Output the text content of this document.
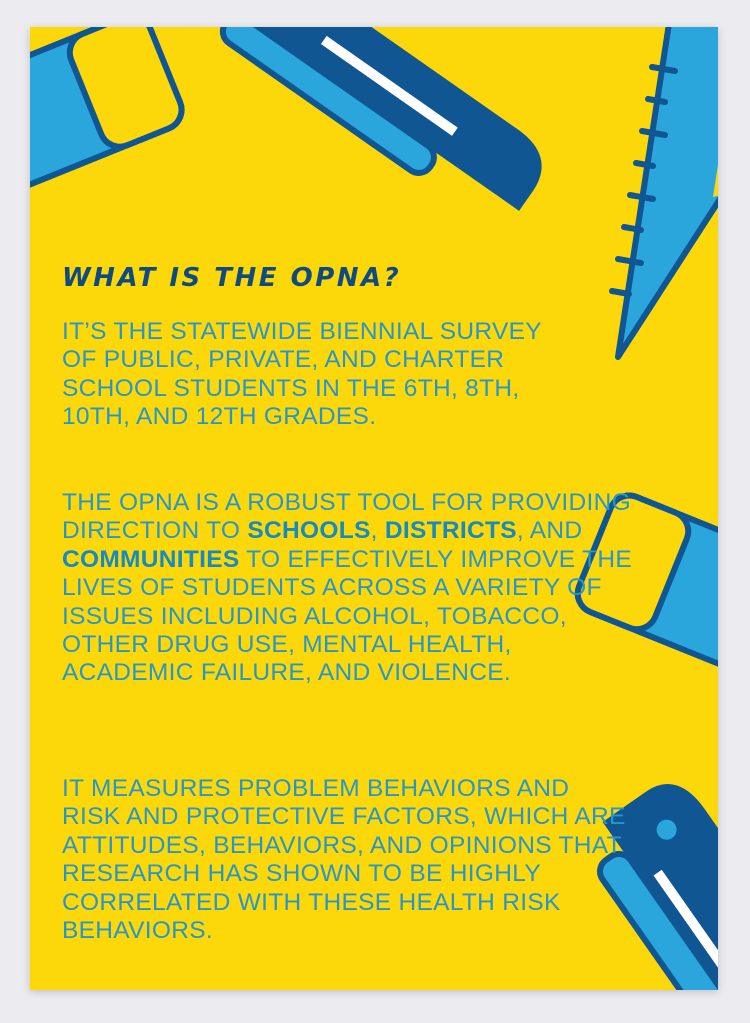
WHAT IS THE OPNA?

IT’S THE STATEWIDE BIENNIAL SURVEY OF PUBLIC, PRIVATE, AND CHARTER SCHOOL STUDENTS IN THE 6TH, 8TH, 10TH, AND 12TH GRADES.

THE OPNA IS A ROBUST TOOL FOR PROVIDING DIRECTION TO SCHOOLS, DISTRICTS, AND COMMUNITIES TO EFFECTIVELY IMPROVE THE LIVES OF STUDENTS ACROSS A VARIETY OF ISSUES INCLUDING ALCOHOL, TOBACCO, OTHER DRUG USE, MENTAL HEALTH, ACADEMIC FAILURE, AND VIOLENCE.

IT MEASURES PROBLEM BEHAVIORS AND RISK AND PROTECTIVE FACTORS, WHICH ARE ATTITUDES, BEHAVIORS, AND OPINIONS THAT RESEARCH HAS SHOWN TO BE HIGHLY CORRELATED WITH THESE HEALTH RISK BEHAVIORS.
